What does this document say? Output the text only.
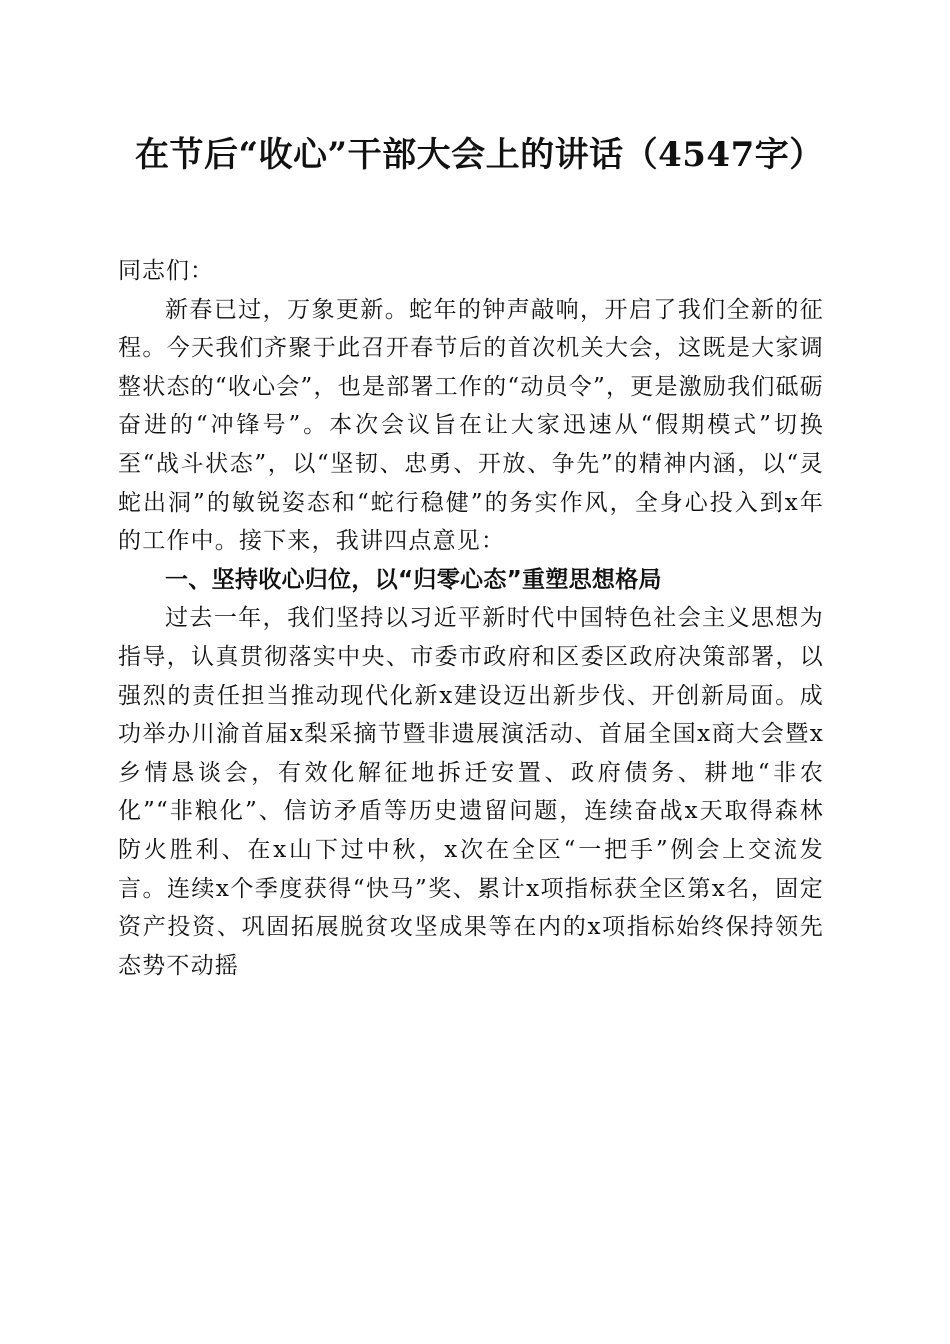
在节后“收心”干部大会上的讲话（4547字）

同志们：

新春已过，万象更新。蛇年的钟声敲响，开启了我们全新的征程。今天我们齐聚于此召开春节后的首次机关大会，这既是大家调整状态的“收心会”，也是部署工作的“动员令”，更是激励我们砥砺奋进的“冲锋号”。本次会议旨在让大家迅速从“假期模式”切换至“战斗状态”，以“坚韧、忠勇、开放、争先”的精神内涵，以“灵蛇出洞”的敏锐姿态和“蛇行稳健”的务实作风，全身心投入到x年的工作中。接下来，我讲四点意见：

一、坚持收心归位，以“归零心态”重塑思想格局

过去一年，我们坚持以习近平新时代中国特色社会主义思想为指导，认真贯彻落实中央、市委市政府和区委区政府决策部署，以强烈的责任担当推动现代化新x建设迈出新步伐、开创新局面。成功举办川渝首届x梨采摘节暨非遗展演活动、首届全国x商大会暨x乡情恳谈会，有效化解征地拆迁安置、政府债务、耕地“非农化”“非粮化”、信访矛盾等历史遗留问题，连续奋战x天取得森林防火胜利、在x山下过中秋，x次在全区“一把手”例会上交流发言。连续x个季度获得“快马”奖、累计x项指标获全区第x名，固定资产投资、巩固拓展脱贫攻坚成果等在内的x项指标始终保持领先态势不动摇
